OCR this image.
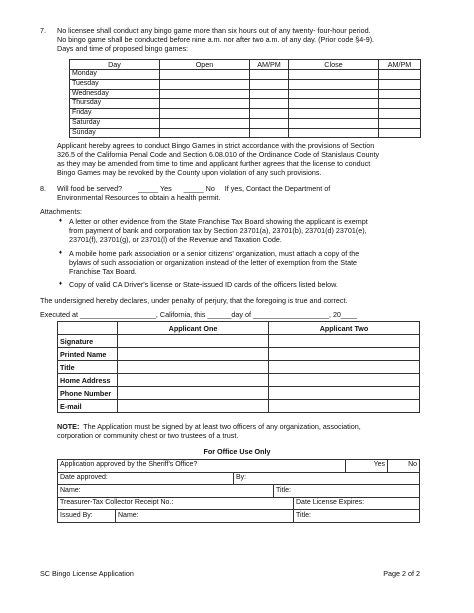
7. No licensee shall conduct any bingo game more than six hours out of any twenty- four-hour period.

No bingo game shall be conducted before nine a.m. nor after two a.m. of any day. (Prior code §4-9).

Days and time of proposed bingo games:

Day	Open	AM/PM	Close	AM/PM
Monday				
Tuesday				
Wednesday				
Thursday				
Friday				
Saturday				
Sunday				

Applicant hereby agrees to conduct Bingo Games in strict accordance with the provisions of Section

326.5 of the California Penal Code and Section 6.08.010 of the Ordinance Code of Stanislaus County

as they may be amended from time to time and applicant further agrees that the license to conduct

Bingo Games may be revoked by the County upon violation of any such provisions.

8. Will food be served?        _____ Yes      _____ No     If yes, Contact the Department of

Environmental Resources to obtain a health permit.

Attachments:
♦ A letter or other evidence from the State Franchise Tax Board showing the applicant is exempt

from payment of bank and corporation tax by Section 23701(a), 23701(b), 23701(d) 23701(e),

23701(f), 23701(g), or 23701(l) of the Revenue and Taxation Code.

♦ A mobile home park association or a senior citizens' organization, must attach a copy of the

bylaws of such association or organization instead of the letter of exemption from the State

Franchise Tax Board.

♦ Copy of valid CA Driver's license or State-issued ID cards of the officers listed below.

The undersigned hereby declares, under penalty of perjury, that the foregoing is true and correct.
Executed at ___________________, California, this ______day of ___________________, 20____
	Applicant One	Applicant Two
Signature		
Printed Name		
Title		
Home Address		
Phone Number		
E-mail		

NOTE:  The Application must be signed by at least two officers of any organization, association,

corporation or community chest or two trustees of a trust.

For Office Use Only
Application approved by the Sheriff's Office?					Yes	No
Date approved:		By:				
Name:			Title:			
Treasurer-Tax Collector Receipt No.:				Date License Expires:		
Issued By:	Name:			Title:		
SC Bingo License Application	Page 2 of 2
